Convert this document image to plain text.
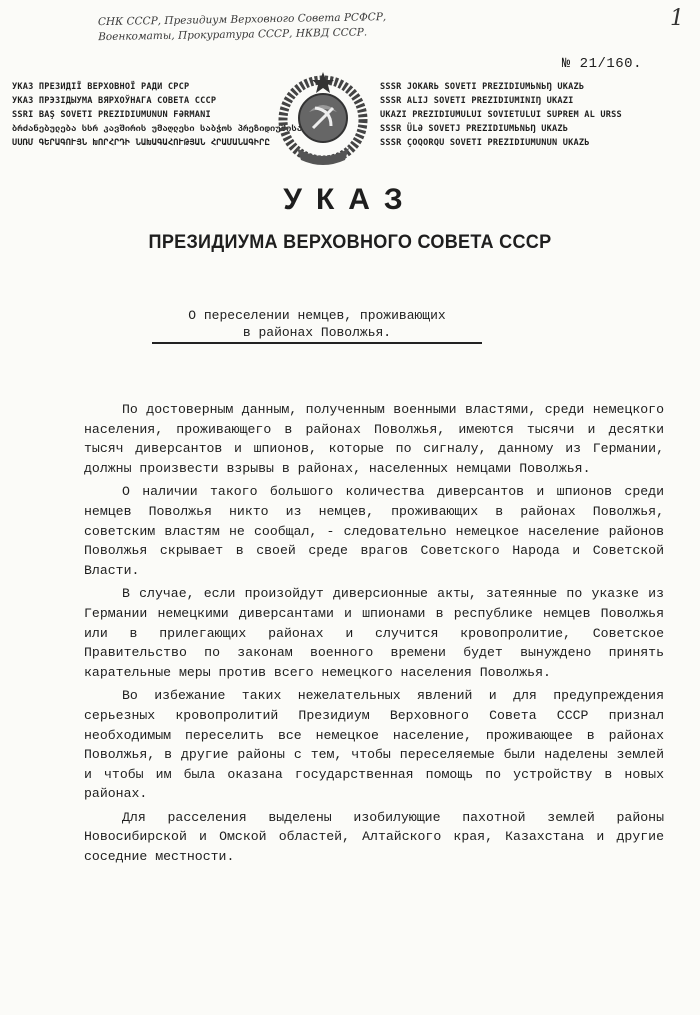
СНК СССР, Президиум Верховного Совета РСФСР,
Военкоматы, Прокуратура СССР, НКВД СССР.
1
№ 21/160.
УКАЗ ПРЕЗИДІЇ ВЕРХОВНОЇ РАДИ СРСР
УКАЗ ПРЭЗІДЫУМА ВЯРХОЎНАГА СОВЕТА СССР
SSRI BAŞ SOVETI PREZIDIUMUNUN FƏRMANI
ბრძანებულება სსრ კავშირის უმაღლესი საბჭოს პრეზიდიუმისა
ՍՍՌՄ ԳԵՐԱԳՈՒՅՆ ԽՈՐՀՐԴԻ ՆԱԽԱԳԱՀՈՒԹՅԱՆ ՀՐԱՄԱՆԱԳԻՐԸ
SSSR JOKARЬ SOVETI PREZIDIUMЬNЬŊ UKAZЬ
SSSR ALIJ SOVETI PREZIDIUMINIŊ UKAZI
UKAZI PREZIDIUMULUI SOVIETULUI SUPREM AL URSS
SSSR ÜLƏ SOVETJ PREZIDIUMЬNЬŊ UKAZЬ
SSSR ÇOQORQU SOVETI PREZIDIUMUNUN UKAZЬ
УКАЗ
ПРЕЗИДИУМА ВЕРХОВНОГО СОВЕТА СССР
О переселении немцев, проживающих
в районах Поволжья.

По достоверным данным, полученным военными властями, среди немецкого населения, проживающего в районах Поволжья, имеются тысячи и десятки тысяч диверсантов и шпионов, которые по сигналу, данному из Германии, должны произвести взрывы в районах, населенных немцами Поволжья.

О наличии такого большого количества диверсантов и шпионов среди немцев Поволжья никто из немцев, проживающих в районах Поволжья, советским властям не сообщал, - следовательно немецкое население районов Поволжья скрывает в своей среде врагов Советского Народа и Советской Власти.

В случае, если произойдут диверсионные акты, затеянные по указке из Германии немецкими диверсантами и шпионами в республике немцев Поволжья или в прилегающих районах и случится кровопролитие, Советское Правительство по законам военного времени будет вынуждено принять карательные меры против всего немецкого населения Поволжья.

Во избежание таких нежелательных явлений и для предупреждения серьезных кровопролитий Президиум Верховного Совета СССР признал необходимым переселить все немецкое население, проживающее в районах Поволжья, в другие районы с тем, чтобы переселяемые были наделены землей и чтобы им была оказана государственная помощь по устройству в новых районах.

Для расселения выделены изобилующие пахотной землей районы Новосибирской и Омской областей, Алтайского края, Казахстана и другие соседние местности.
